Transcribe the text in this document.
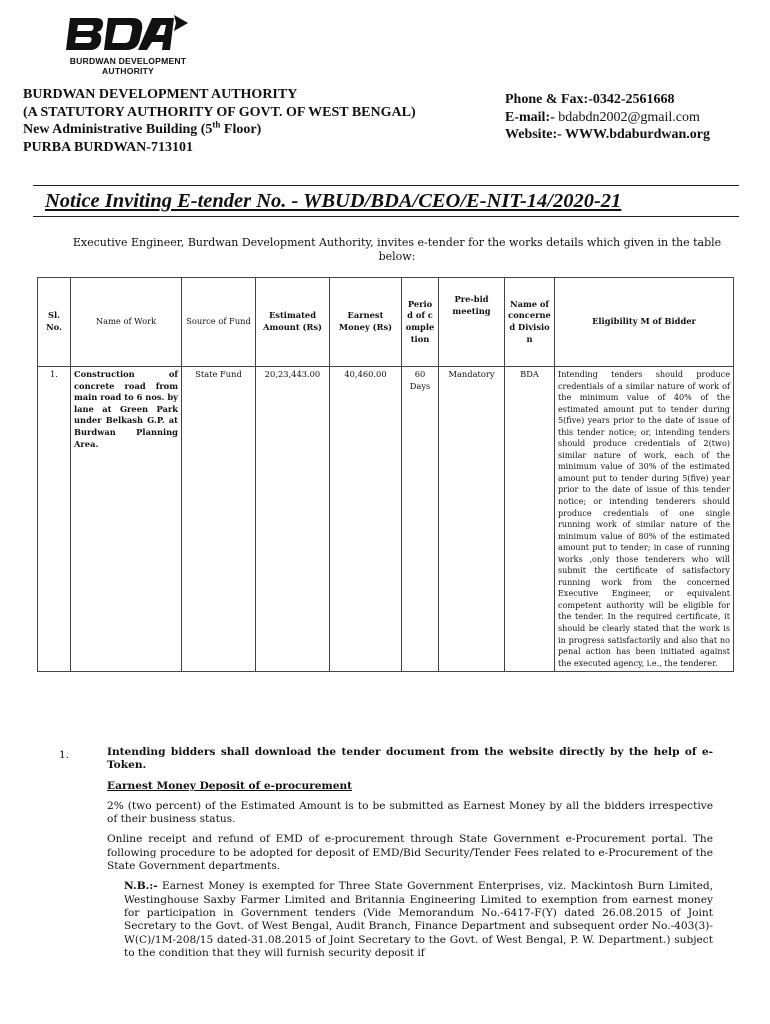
BURDWAN DEVELOPMENT
AUTHORITY
BURDWAN DEVELOPMENT AUTHORITY
(A STATUTORY AUTHORITY OF GOVT. OF WEST BENGAL)
New Administrative Building (5th Floor)
PURBA BURDWAN-713101
Phone & Fax:-0342-2561668
E-mail:- bdabdn2002@gmail.com
Website:- WWW.bdaburdwan.org
Notice Inviting E-tender No. - WBUD/BDA/CEO/E-NIT-14/2020-21
Executive Engineer, Burdwan Development Authority, invites e-tender for the works details which given in the table below:
Sl. No.	Name of Work	Source of Fund	Estimated Amount (Rs)	Earnest Money (Rs)	Period of completion	Pre-bid meeting	Name of concerned Division	Eligibility M of Bidder
1.	Construction of concrete road from main road to 6 nos. by lane at Green Park under Belkash G.P. at Burdwan Planning Area.	State Fund	20,23,443.00	40,460.00	60 Days	Mandatory	BDA	Intending tenders should produce credentials of a similar nature of work of the minimum value of 40% of the estimated amount put to tender during 5(five) years prior to the date of issue of this tender notice; or, intending tenders should produce credentials of 2(two) similar nature of work, each of the minimum value of 30% of the estimated amount put to tender during 5(five) year prior to the date of issue of this tender notice; or intending tenderers should produce credentials of one single running work of similar nature of the minimum value of 80% of the estimated amount put to tender; in case of running works ,only those tenderers who will submit the certificate of satisfactory running work from the concerned Executive Engineer, or equivalent competent authority will be eligible for the tender. In the required certificate, it should be clearly stated that the work is in progress satisfactorily and also that no penal action has been initiated against the executed agency, i.e., the tenderer.
1.	Intending bidders shall download the tender document from the website directly by the help of e-Token.

Earnest Money Deposit of e-procurement

2% (two percent) of the Estimated Amount is to be submitted as Earnest Money by all the bidders irrespective of their business status.

Online receipt and refund of EMD of e-procurement through State Government e-Procurement portal. The following procedure to be adopted for deposit of EMD/Bid Security/Tender Fees related to e-Procurement of the State Government departments.

N.B.:- Earnest Money is exempted for Three State Government Enterprises, viz. Mackintosh Burn Limited, Westinghouse Saxby Farmer Limited and Britannia Engineering Limited to exemption from earnest money for participation in Government tenders (Vide Memorandum No.-6417-F(Y) dated 26.08.2015 of Joint Secretary to the Govt. of West Bengal, Audit Branch, Finance Department and subsequent order No.-403(3)-W(C)/1M-208/15 dated-31.08.2015 of Joint Secretary to the Govt. of West Bengal, P. W. Department.) subject to the condition that they will furnish security deposit if
